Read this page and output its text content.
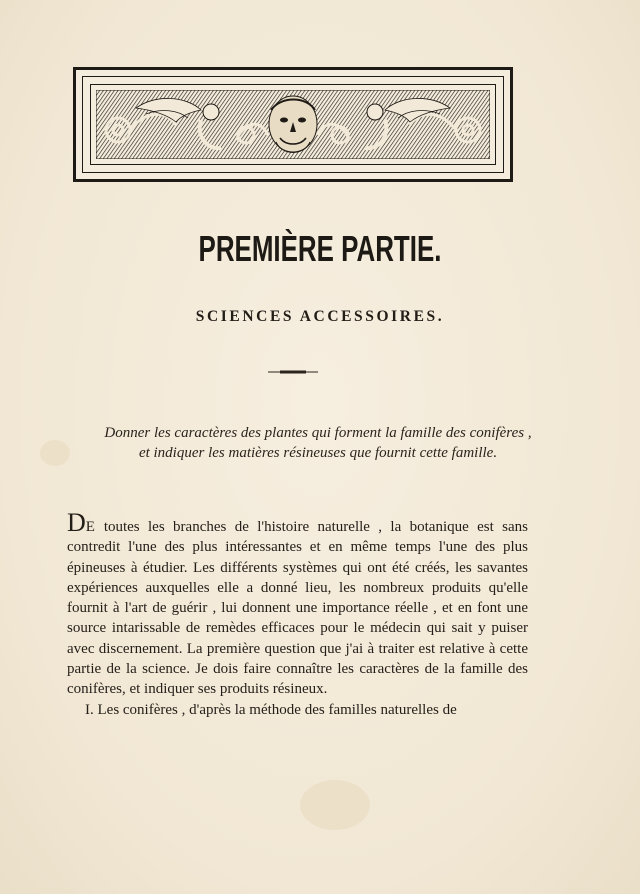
PREMIÈRE PARTIE.
SCIENCES ACCESSOIRES.

Donner les caractères des plantes qui forment la famille des conifères ,

et indiquer les matières résineuses que fournit cette famille.

DE toutes les branches de l'histoire naturelle , la botanique est sans contredit l'une des plus intéressantes et en même temps l'une des plus épineuses à étudier. Les différents systèmes qui ont été créés, les savantes expériences auxquelles elle a donné lieu, les nombreux produits qu'elle fournit à l'art de guérir , lui donnent une importance réelle , et en font une source intarissable de remèdes efficaces pour le médecin qui sait y puiser avec discernement. La première question que j'ai à traiter est relative à cette partie de la science. Je dois faire connaître les caractères de la famille des conifères, et indiquer ses produits résineux.

I. Les conifères , d'après la méthode des familles naturelles de
